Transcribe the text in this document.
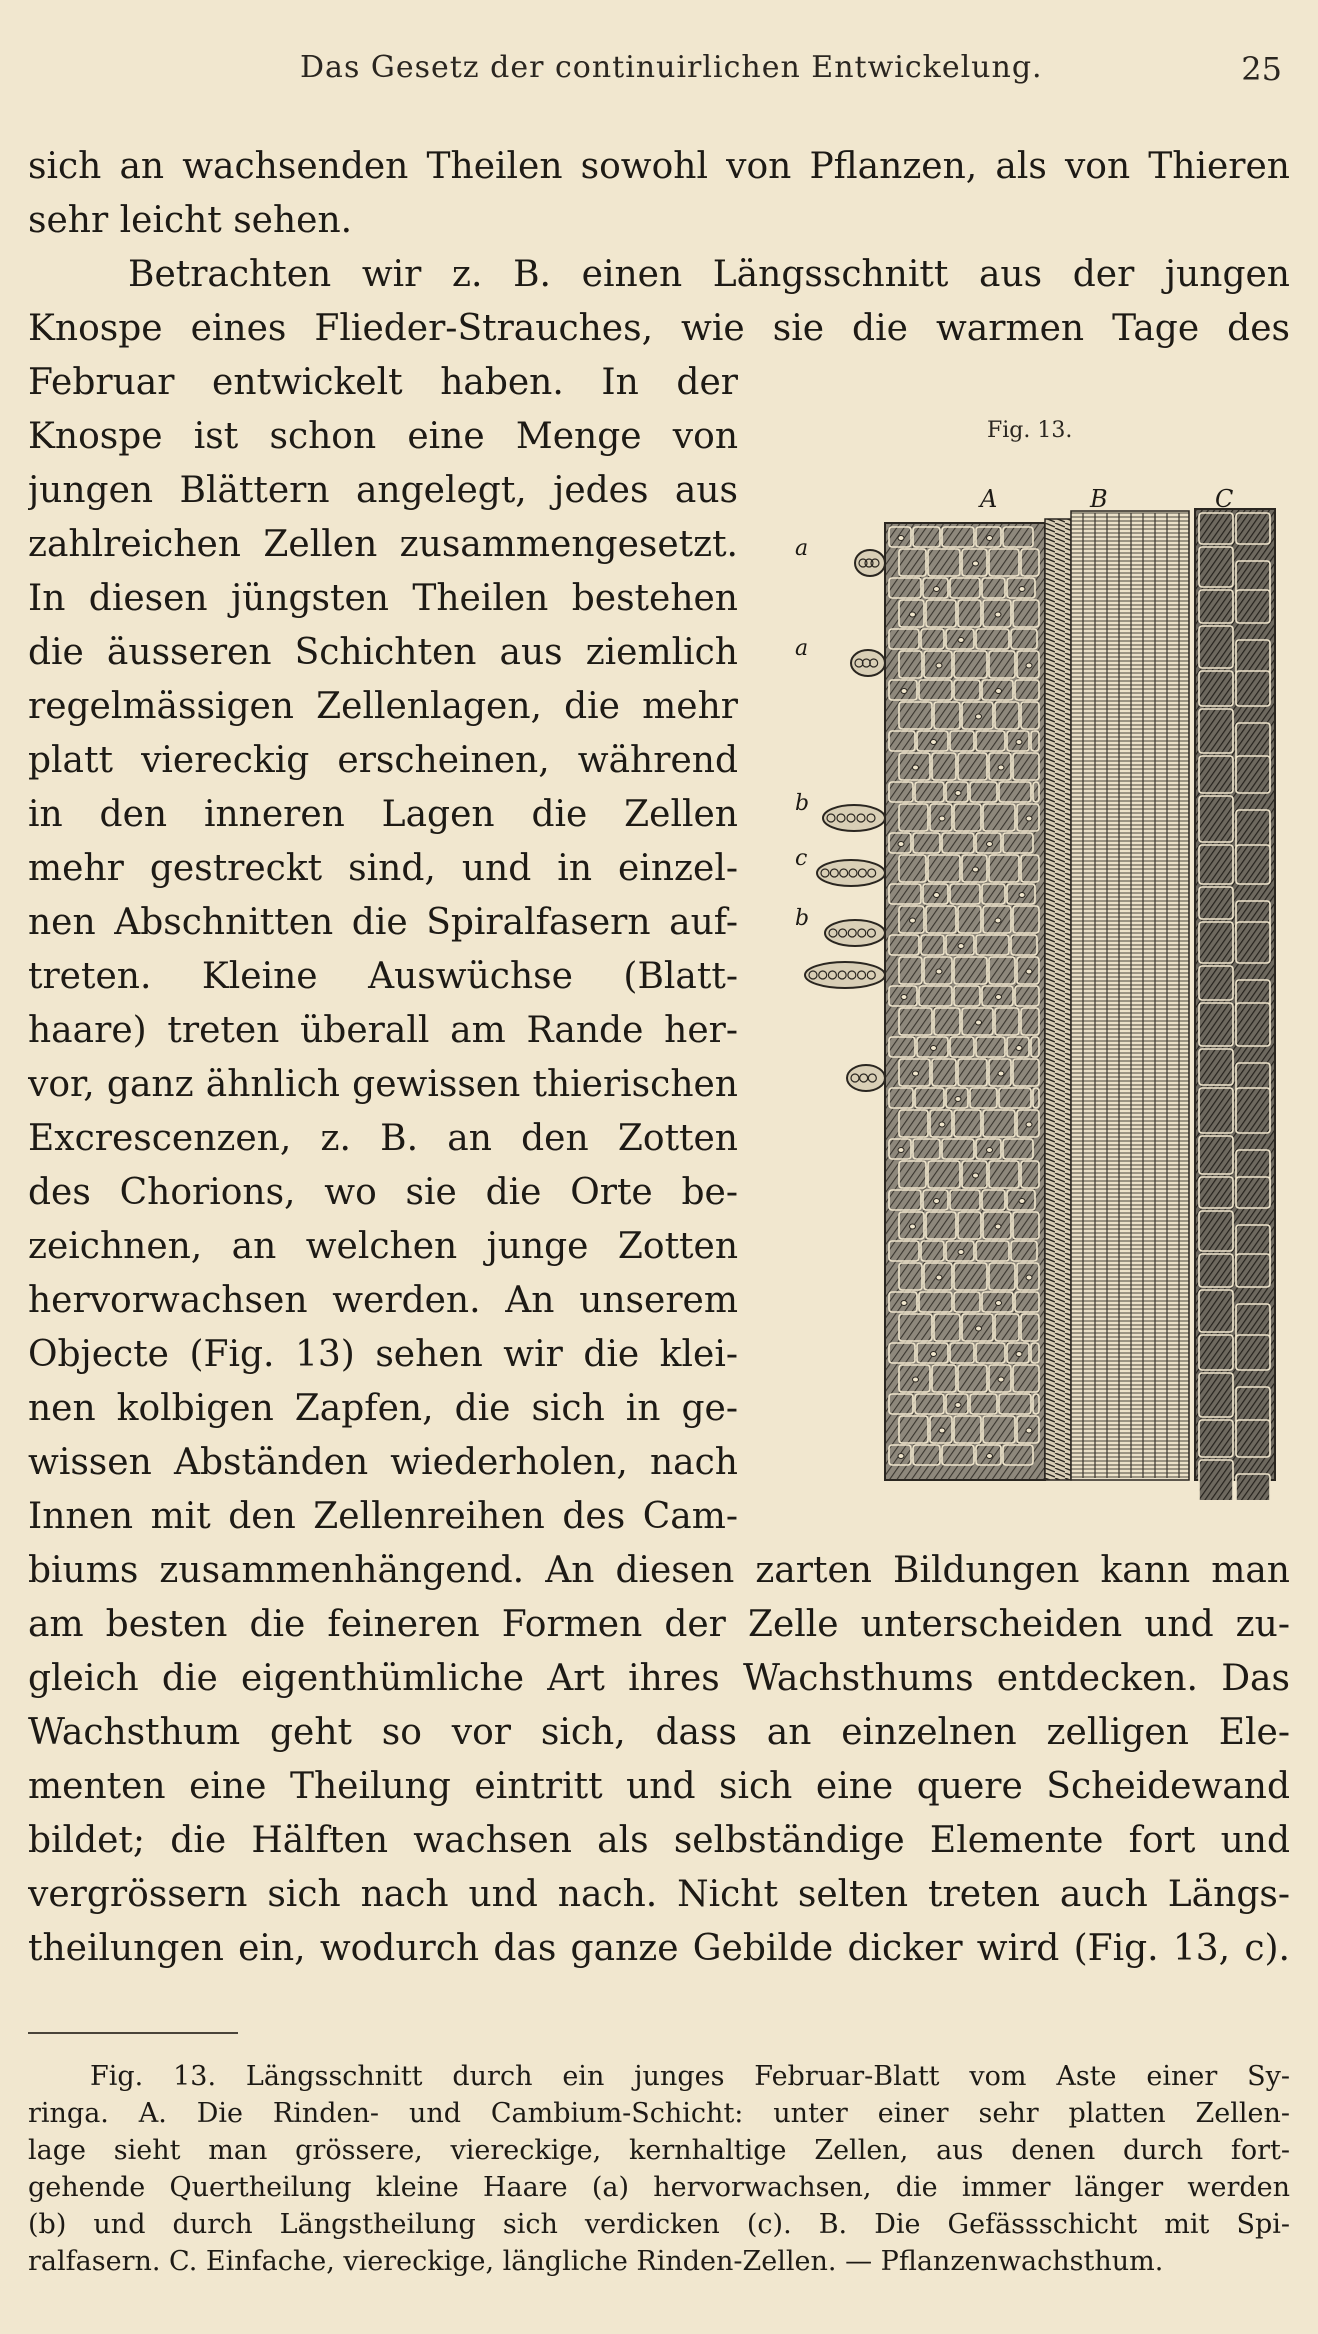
Das Gesetz der continuirlichen Entwickelung.	25
sich an wachsenden Theilen sowohl von Pflanzen, als von Thieren
sehr leicht sehen.
Betrachten wir z. B. einen Längsschnitt aus der jungen
Knospe eines Flieder-Strauches, wie sie die warmen Tage des
Februar entwickelt haben. In der
Knospe ist schon eine Menge von
jungen Blättern angelegt, jedes aus
zahlreichen Zellen zusammengesetzt.
In diesen jüngsten Theilen bestehen
die äusseren Schichten aus ziemlich
regelmässigen Zellenlagen, die mehr
platt viereckig erscheinen, während
in den inneren Lagen die Zellen
mehr gestreckt sind, und in einzel-
nen Abschnitten die Spiralfasern auf-
treten. Kleine Auswüchse (Blatt-
haare) treten überall am Rande her-
vor, ganz ähnlich gewissen thierischen
Excrescenzen, z. B. an den Zotten
des Chorions, wo sie die Orte be-
zeichnen, an welchen junge Zotten
hervorwachsen werden. An unserem
Objecte (Fig. 13) sehen wir die klei-
nen kolbigen Zapfen, die sich in ge-
wissen Abständen wiederholen, nach
Innen mit den Zellenreihen des Cam-
biums zusammenhängend. An diesen zarten Bildungen kann man
am besten die feineren Formen der Zelle unterscheiden und zu-
gleich die eigenthümliche Art ihres Wachsthums entdecken. Das
Wachsthum geht so vor sich, dass an einzelnen zelligen Ele-
menten eine Theilung eintritt und sich eine quere Scheidewand
bildet; die Hälften wachsen als selbständige Elemente fort und
vergrössern sich nach und nach. Nicht selten treten auch Längs-
theilungen ein, wodurch das ganze Gebilde dicker wird (Fig. 13, c).
Fig. 13.
A	B	C
a
a
b
c
b
Fig. 13. Längsschnitt durch ein junges Februar-Blatt vom Aste einer Sy-
ringa. A. Die Rinden- und Cambium-Schicht: unter einer sehr platten Zellen-
lage sieht man grössere, viereckige, kernhaltige Zellen, aus denen durch fort-
gehende Quertheilung kleine Haare (a) hervorwachsen, die immer länger werden
(b) und durch Längstheilung sich verdicken (c). B. Die Gefässschicht mit Spi-
ralfasern. C. Einfache, viereckige, längliche Rinden-Zellen. — Pflanzenwachsthum.
